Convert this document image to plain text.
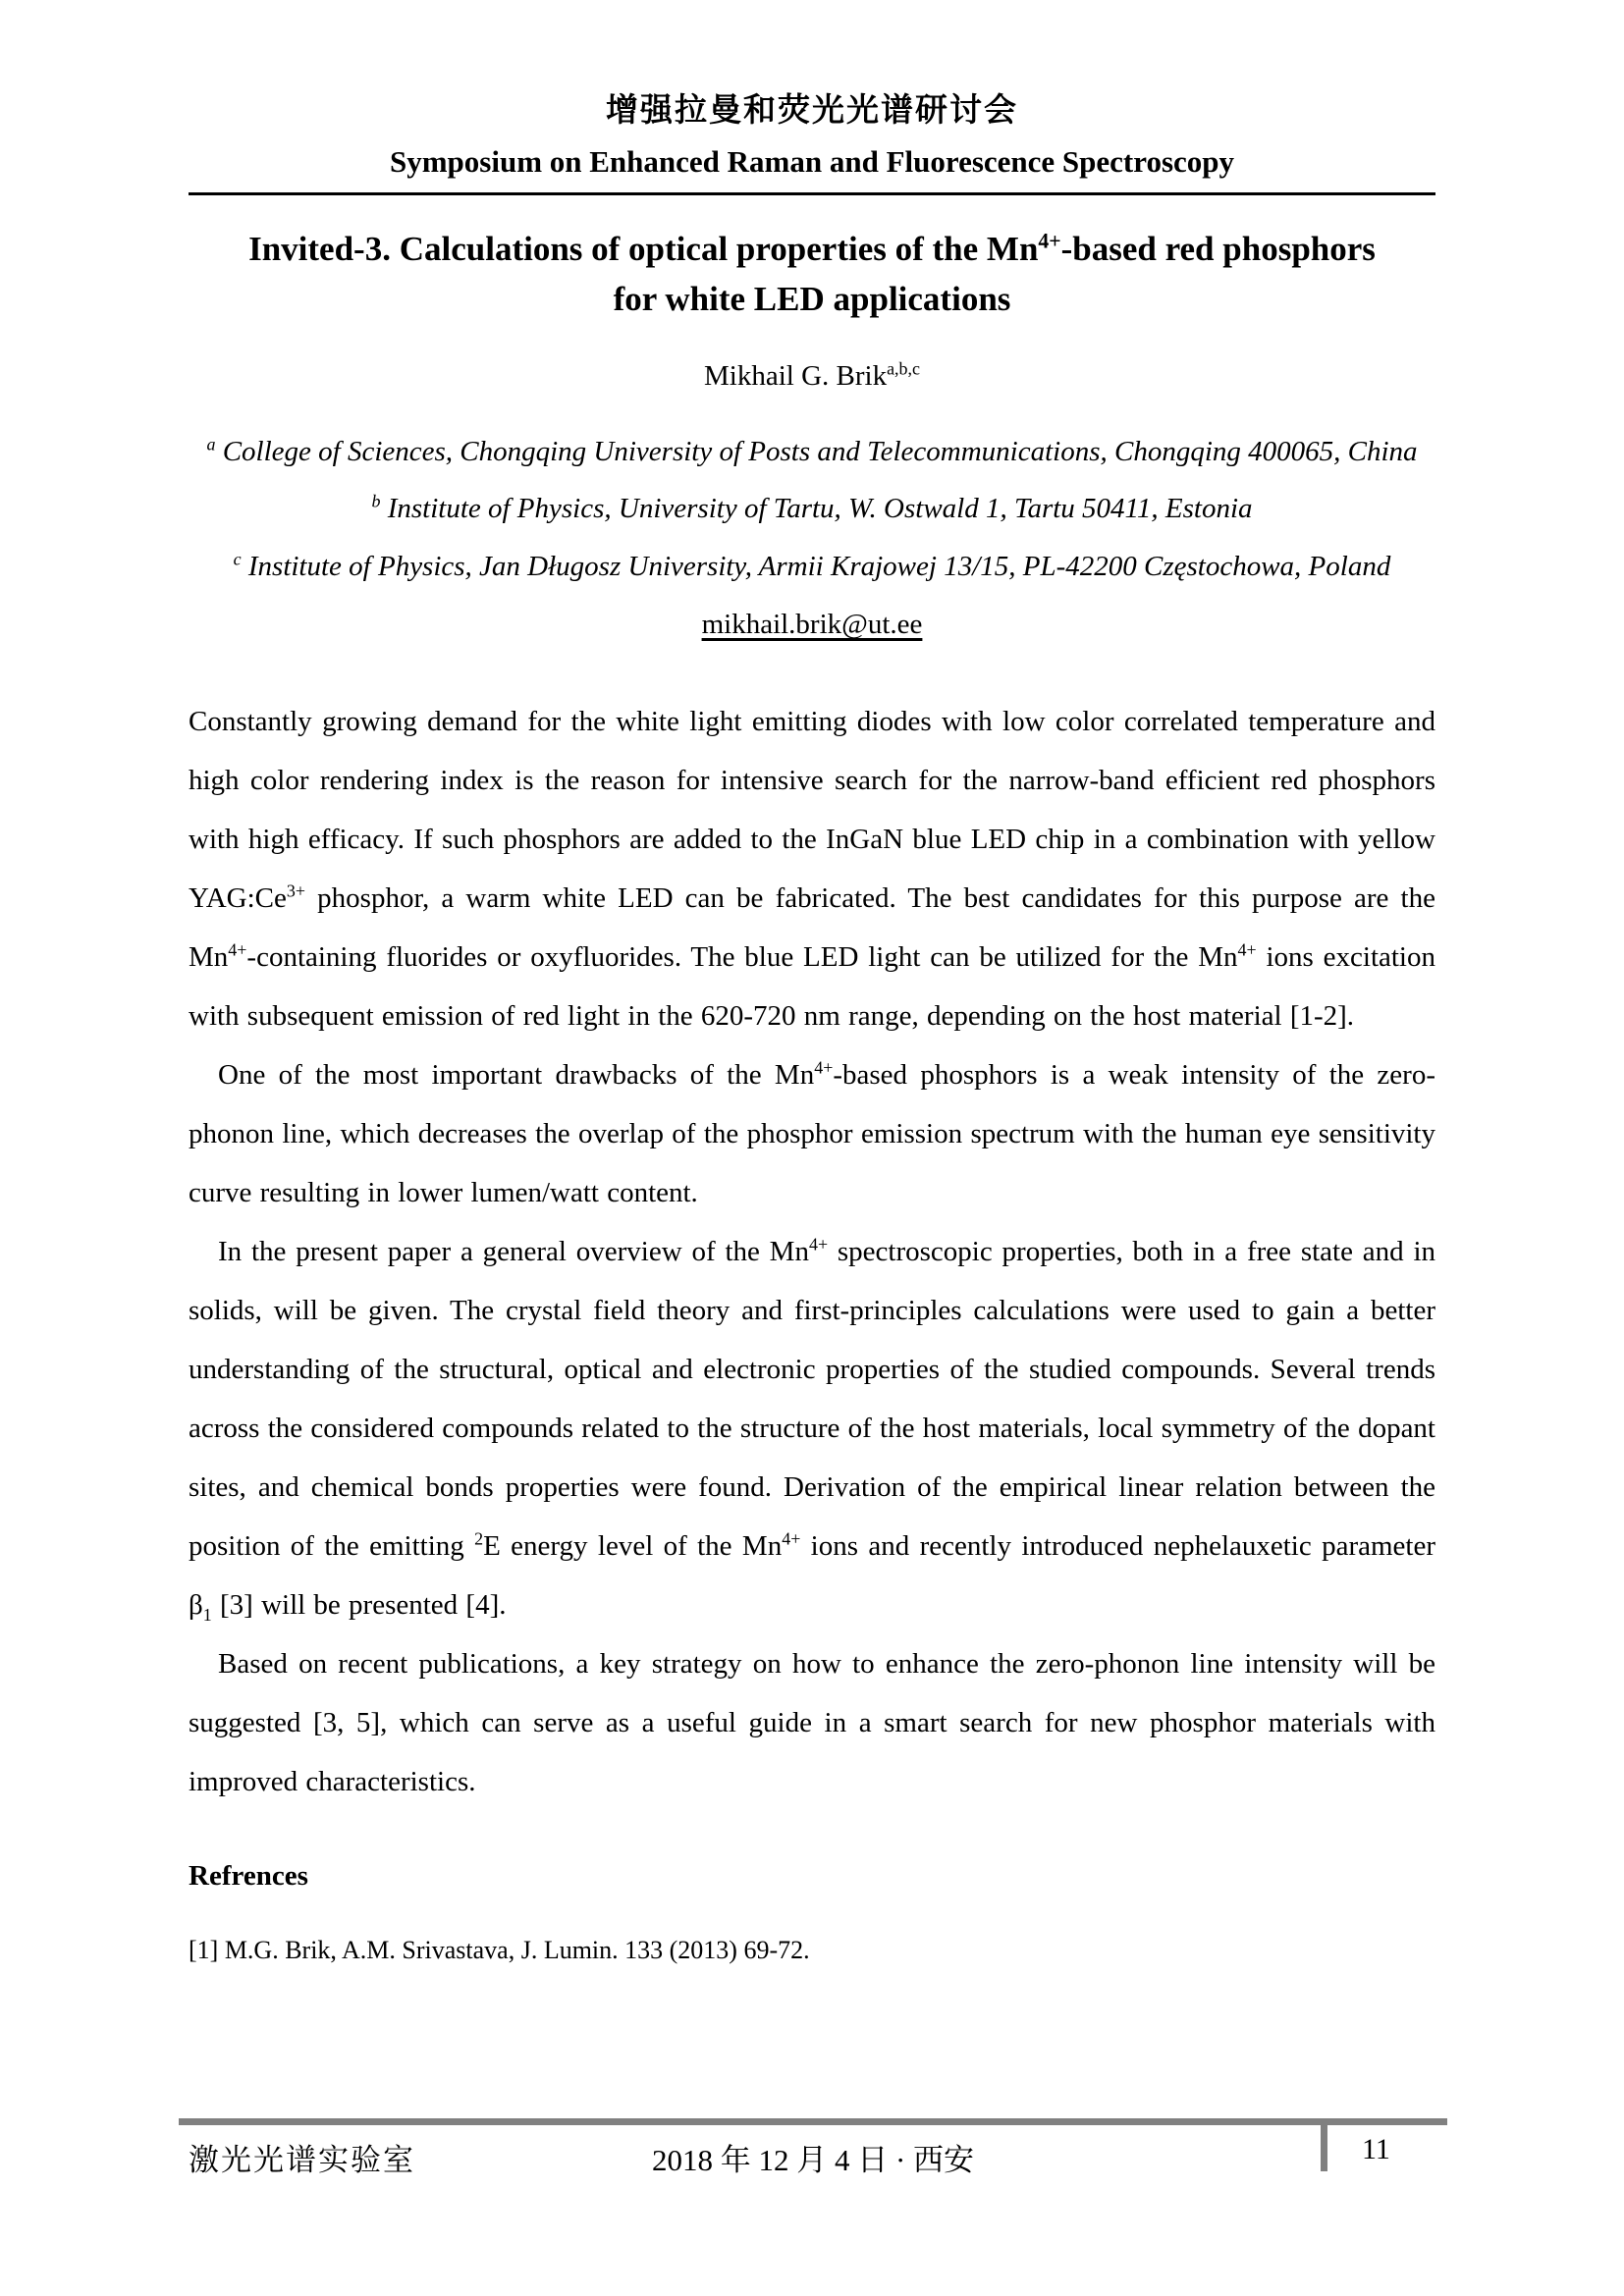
增强拉曼和荧光光谱研讨会
Symposium on Enhanced Raman and Fluorescence Spectroscopy
Invited-3. Calculations of optical properties of the $Mn^{4+}$-based red phosphors for white LED applications
Mikhail G. Brik$^{a,b,c}$
$^a$ College of Sciences, Chongqing University of Posts and Telecommunications, Chongqing 400065, China
$^b$ Institute of Physics, University of Tartu, W. Ostwald 1, Tartu 50411, Estonia
$^c$ Institute of Physics, Jan Długosz University, Armii Krajowej 13/15, PL-42200 Częstochowa, Poland
mikhail.brik@ut.ee

Constantly growing demand for the white light emitting diodes with low color correlated temperature and high color rendering index is the reason for intensive search for the narrow-band efficient red phosphors with high efficacy. If such phosphors are added to the InGaN blue LED chip in a combination with yellow $YAG:Ce^{3+}$ phosphor, a warm white LED can be fabricated. The best candidates for this purpose are the $Mn^{4+}$-containing fluorides or oxyfluorides. The blue LED light can be utilized for the $Mn^{4+}$ ions excitation with subsequent emission of red light in the 620-720 nm range, depending on the host material [1-2].

One of the most important drawbacks of the $Mn^{4+}$-based phosphors is a weak intensity of the zero-phonon line, which decreases the overlap of the phosphor emission spectrum with the human eye sensitivity curve resulting in lower lumen/watt content.

In the present paper a general overview of the $Mn^{4+}$ spectroscopic properties, both in a free state and in solids, will be given. The crystal field theory and first-principles calculations were used to gain a better understanding of the structural, optical and electronic properties of the studied compounds. Several trends across the considered compounds related to the structure of the host materials, local symmetry of the dopant sites, and chemical bonds properties were found. Derivation of the empirical linear relation between the position of the emitting $^2$E energy level of the $Mn^{4+}$ ions and recently introduced nephelauxetic parameter $\beta_1$ [3] will be presented [4].

Based on recent publications, a key strategy on how to enhance the zero-phonon line intensity will be suggested [3, 5], which can serve as a useful guide in a smart search for new phosphor materials with improved characteristics.

Refrences
[1] M.G. Brik, A.M. Srivastava, J. Lumin. 133 (2013) 69-72.
激光光谱实验室	2018 年 12 月 4 日 · 西安	11
